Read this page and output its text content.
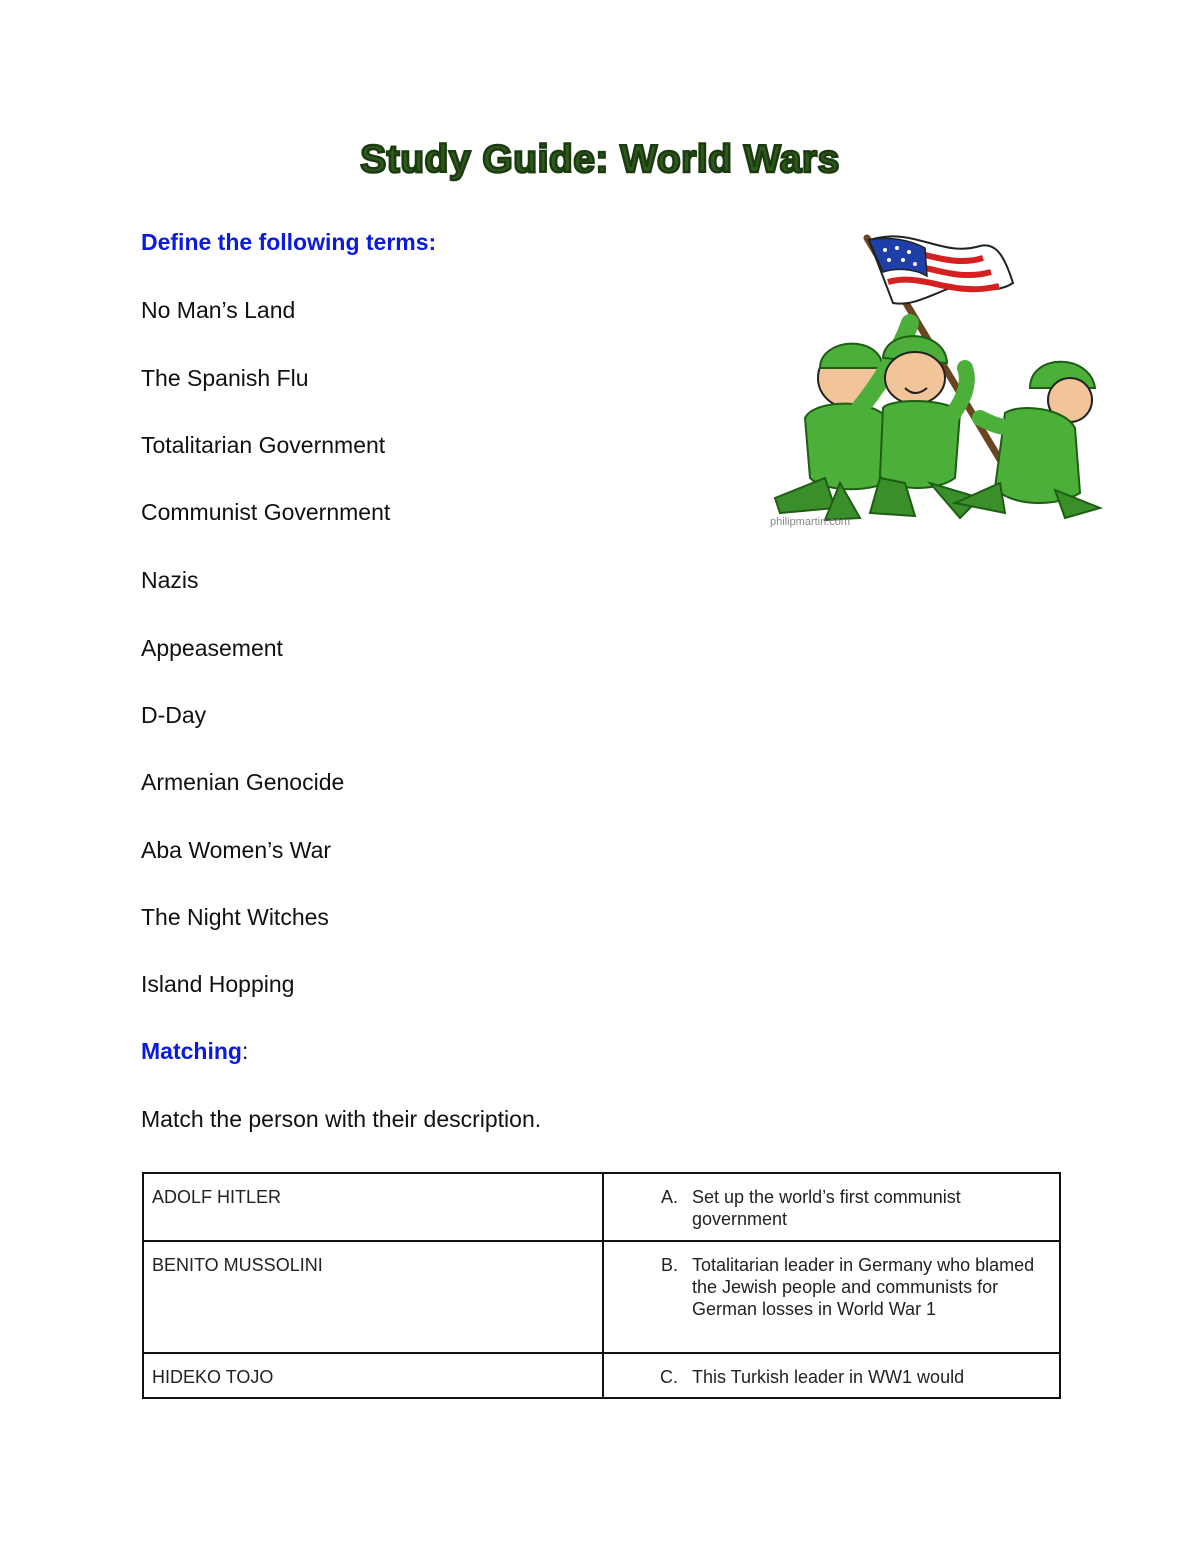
Study Guide: World Wars
Define the following terms:
No Man’s Land
The Spanish Flu
Totalitarian Government
Communist Government
Nazis
Appeasement
D-Day
Armenian Genocide
Aba Women’s War
The Night Witches
Island Hopping
philipmartin.com
Matching:
Match the person with their description.
ADOLF HITLER	A. Set up the world’s first communist government

BENITO MUSSOLINI	B. Totalitarian leader in Germany who blamed the Jewish people and communists for German losses in World War 1

HIDEKO TOJO	C. This Turkish leader in WW1 would
